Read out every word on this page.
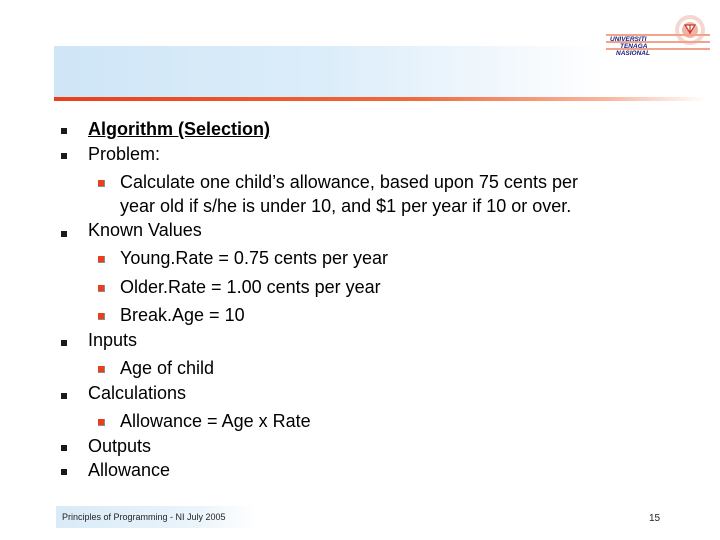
UNIVERSITI
TENAGA
NASIONAL
Algorithm (Selection)
Problem:
Calculate one child’s allowance, based upon 75 cents per
year old if s/he is under 10, and $1 per year if 10 or over.
Known Values
Young.Rate = 0.75 cents per year
Older.Rate = 1.00 cents per year
Break.Age = 10
Inputs
Age of child
Calculations
Allowance = Age x Rate
Outputs
Allowance
Principles of Programming - NI July 2005	15
